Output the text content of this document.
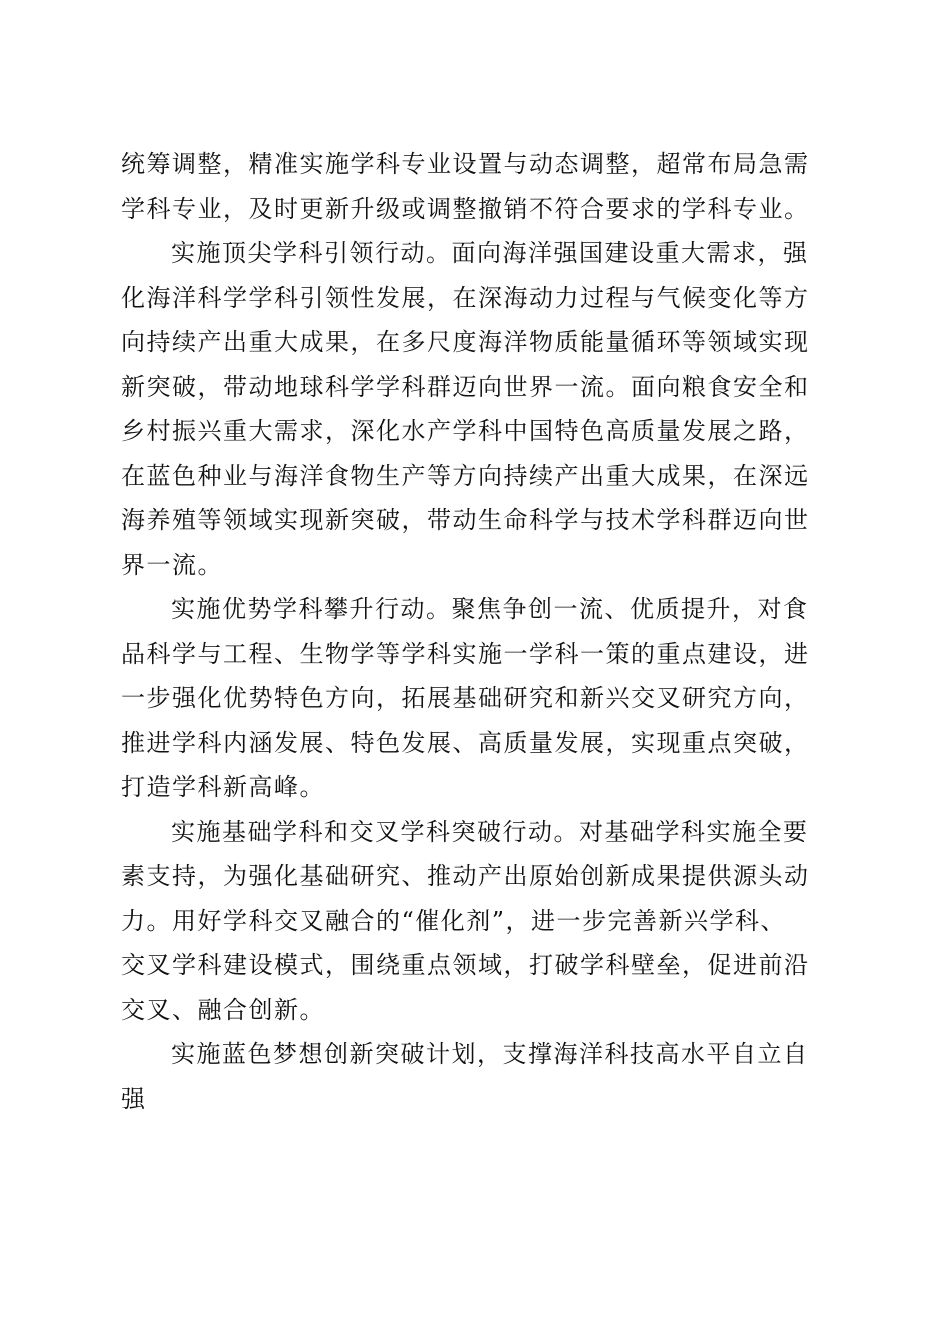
统筹调整，精准实施学科专业设置与动态调整，超常布局急需
学科专业，及时更新升级或调整撤销不符合要求的学科专业。
实施顶尖学科引领行动。面向海洋强国建设重大需求，强
化海洋科学学科引领性发展，在深海动力过程与气候变化等方
向持续产出重大成果，在多尺度海洋物质能量循环等领域实现
新突破，带动地球科学学科群迈向世界一流。面向粮食安全和
乡村振兴重大需求，深化水产学科中国特色高质量发展之路，
在蓝色种业与海洋食物生产等方向持续产出重大成果，在深远
海养殖等领域实现新突破，带动生命科学与技术学科群迈向世
界一流。
实施优势学科攀升行动。聚焦争创一流、优质提升，对食
品科学与工程、生物学等学科实施一学科一策的重点建设，进
一步强化优势特色方向，拓展基础研究和新兴交叉研究方向，
推进学科内涵发展、特色发展、高质量发展，实现重点突破，
打造学科新高峰。
实施基础学科和交叉学科突破行动。对基础学科实施全要
素支持，为强化基础研究、推动产出原始创新成果提供源头动
力。用好学科交叉融合的“催化剂”，进一步完善新兴学科、
交叉学科建设模式，围绕重点领域，打破学科壁垒，促进前沿
交叉、融合创新。
实施蓝色梦想创新突破计划，支撑海洋科技高水平自立自
强
